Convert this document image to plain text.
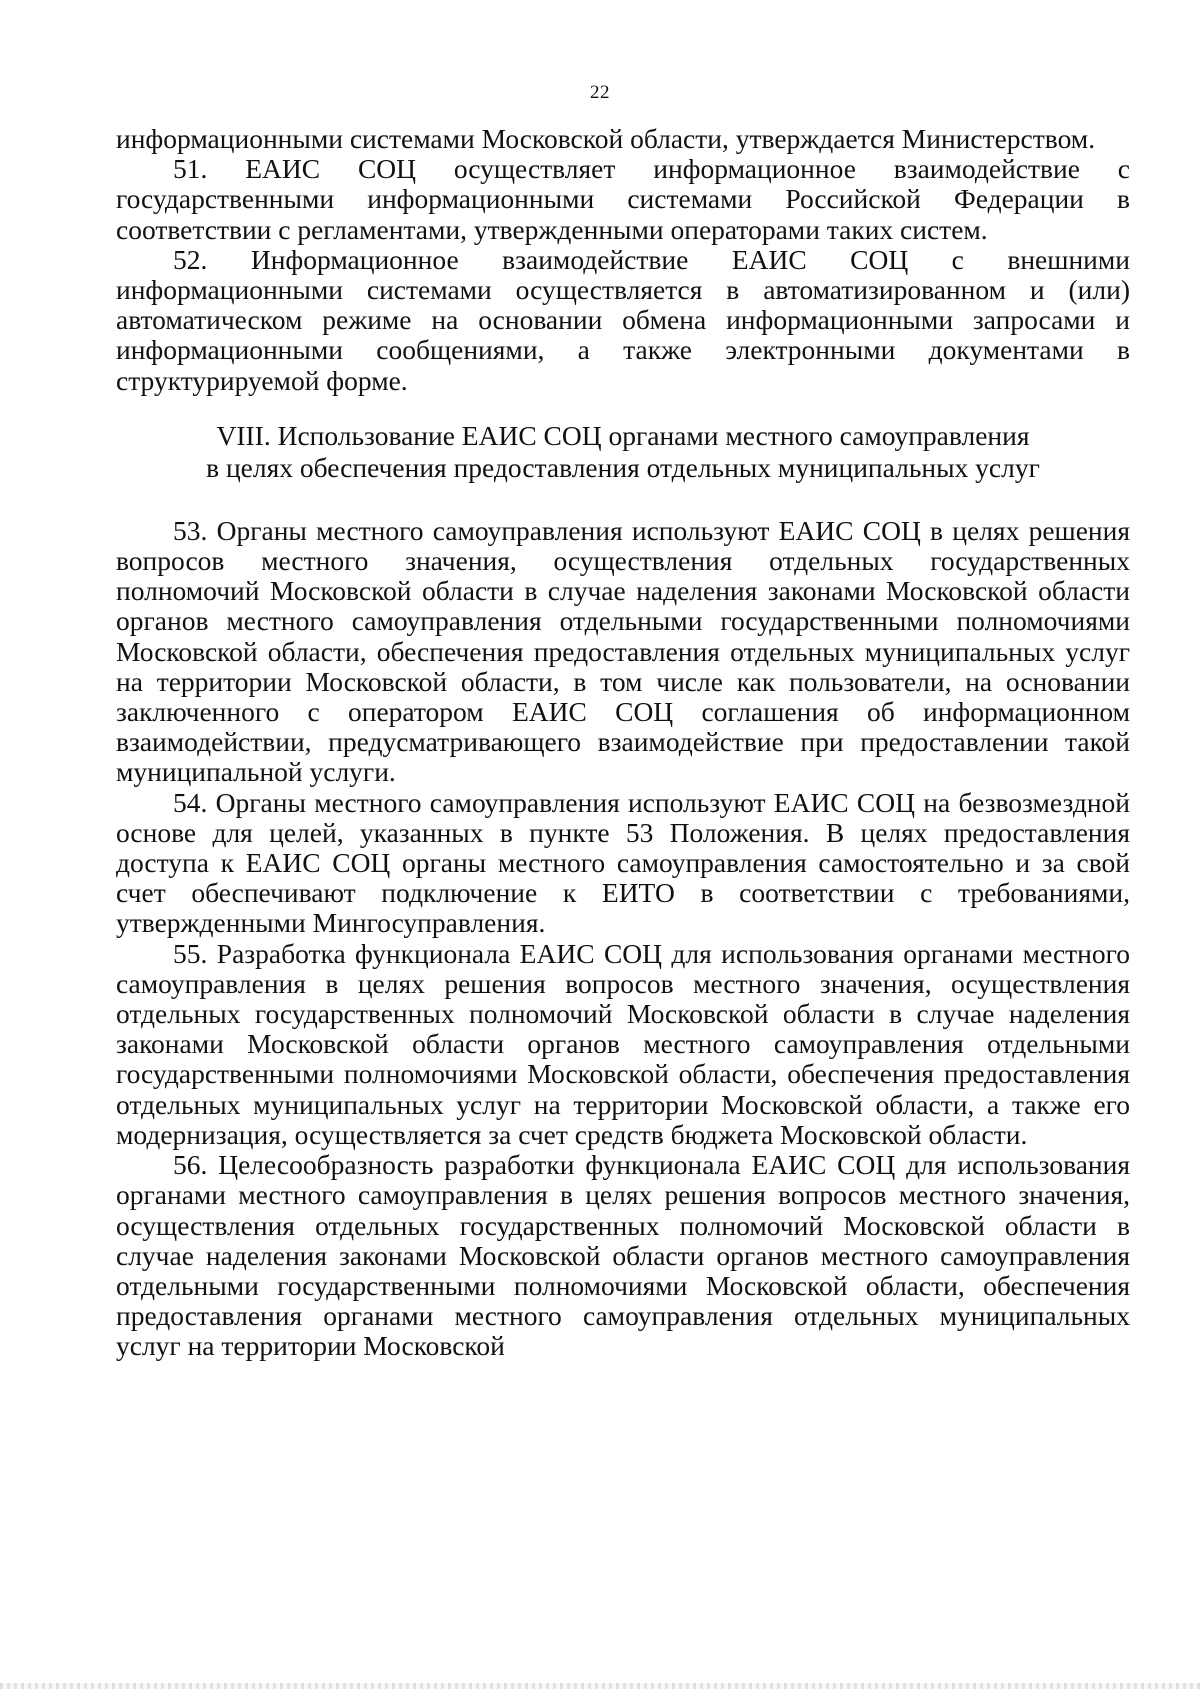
22

информационными системами Московской области, утверждается Министерством.

51. ЕАИС СОЦ осуществляет информационное взаимодействие с государственными информационными системами Российской Федерации в соответствии с регламентами, утвержденными операторами таких систем.

52. Информационное взаимодействие ЕАИС СОЦ с внешними информационными системами осуществляется в автоматизированном и (или) автоматическом режиме на основании обмена информационными запросами и информационными сообщениями, а также электронными документами в структурируемой форме.

VIII. Использование ЕАИС СОЦ органами местного самоуправления
в целях обеспечения предоставления отдельных муниципальных услуг

53. Органы местного самоуправления используют ЕАИС СОЦ в целях решения вопросов местного значения, осуществления отдельных государственных полномочий Московской области в случае наделения законами Московской области органов местного самоуправления отдельными государственными полномочиями Московской области, обеспечения предоставления отдельных муниципальных услуг на территории Московской области, в том числе как пользователи, на основании заключенного с оператором ЕАИС СОЦ соглашения об информационном взаимодействии, предусматривающего взаимодействие при предоставлении такой муниципальной услуги.

54. Органы местного самоуправления используют ЕАИС СОЦ на безвозмездной основе для целей, указанных в пункте 53 Положения. В целях предоставления доступа к ЕАИС СОЦ органы местного самоуправления самостоятельно и за свой счет обеспечивают подключение к ЕИТО в соответствии с требованиями, утвержденными Мингосуправления.

55. Разработка функционала ЕАИС СОЦ для использования органами местного самоуправления в целях решения вопросов местного значения, осуществления отдельных государственных полномочий Московской области в случае наделения законами Московской области органов местного самоуправления отдельными государственными полномочиями Московской области, обеспечения предоставления отдельных муниципальных услуг на территории Московской области, а также его модернизация, осуществляется за счет средств бюджета Московской области.

56. Целесообразность разработки функционала ЕАИС СОЦ для использования органами местного самоуправления в целях решения вопросов местного значения, осуществления отдельных государственных полномочий Московской области в случае наделения законами Московской области органов местного самоуправления отдельными государственными полномочиями Московской области, обеспечения предоставления органами местного самоуправления отдельных муниципальных услуг на территории Московской
